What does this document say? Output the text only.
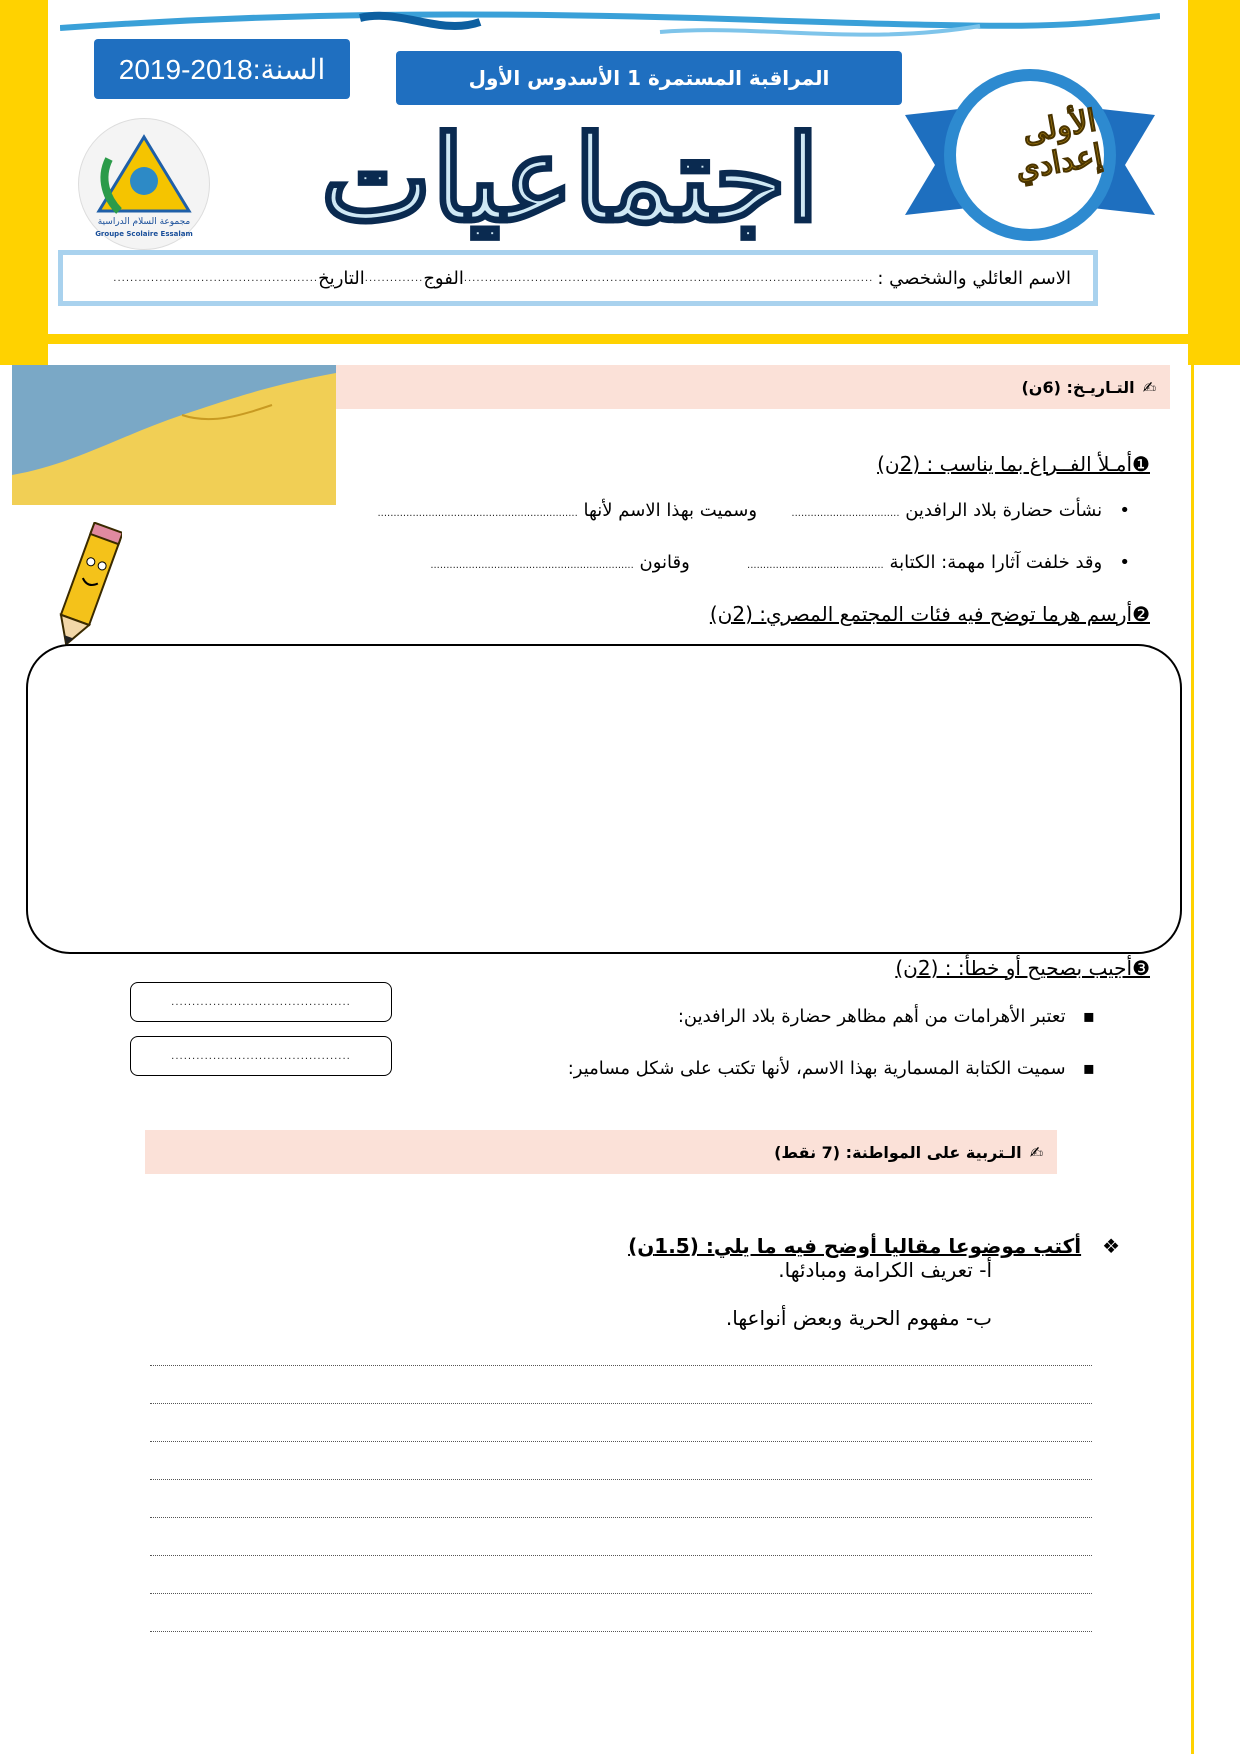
السنة:2018-2019	المراقبة المستمرة 1 الأسدوس الأول
مجموعة السلام الدراسية
Groupe Scolaire Essalam	اجتماعيات	الأولى إعدادي
الاسم العائلي والشخصي :
..................................................................................................
الفوج
..............
التاريخ
.................................................
✍
التـاريـخ: (6ن)
❶أمـلأ الفــراغ بما يناسب : (2ن)
•   نشأت حضارة بلاد الرافدين ..................................      وسميت بهذا الاسم لأنها ...............................................................
•   وقد خلفت آثارا مهمة: الكتابة ...........................................          وقانون ................................................................
❷أرسم هرما توضح فيه فئات المجتمع المصري: (2ن)
❸أجيب بصحيح أو خطأ: : (2ن)
▪   تعتبر الأهرامات من أهم مظاهر حضارة بلاد الرافدين:
▪   سميت الكتابة المسمارية بهذا الاسم، لأنها تكتب على شكل مسامير:
...........................................
...........................................
✍
الـتربية على المواطنة: (7 نقط)
❖ أكتب موضوعا مقاليا أوضح فيه ما يلي: (1.5ن)
أ- تعريف الكرامة ومبادئها.
ب- مفهوم الحرية وبعض أنواعها.
